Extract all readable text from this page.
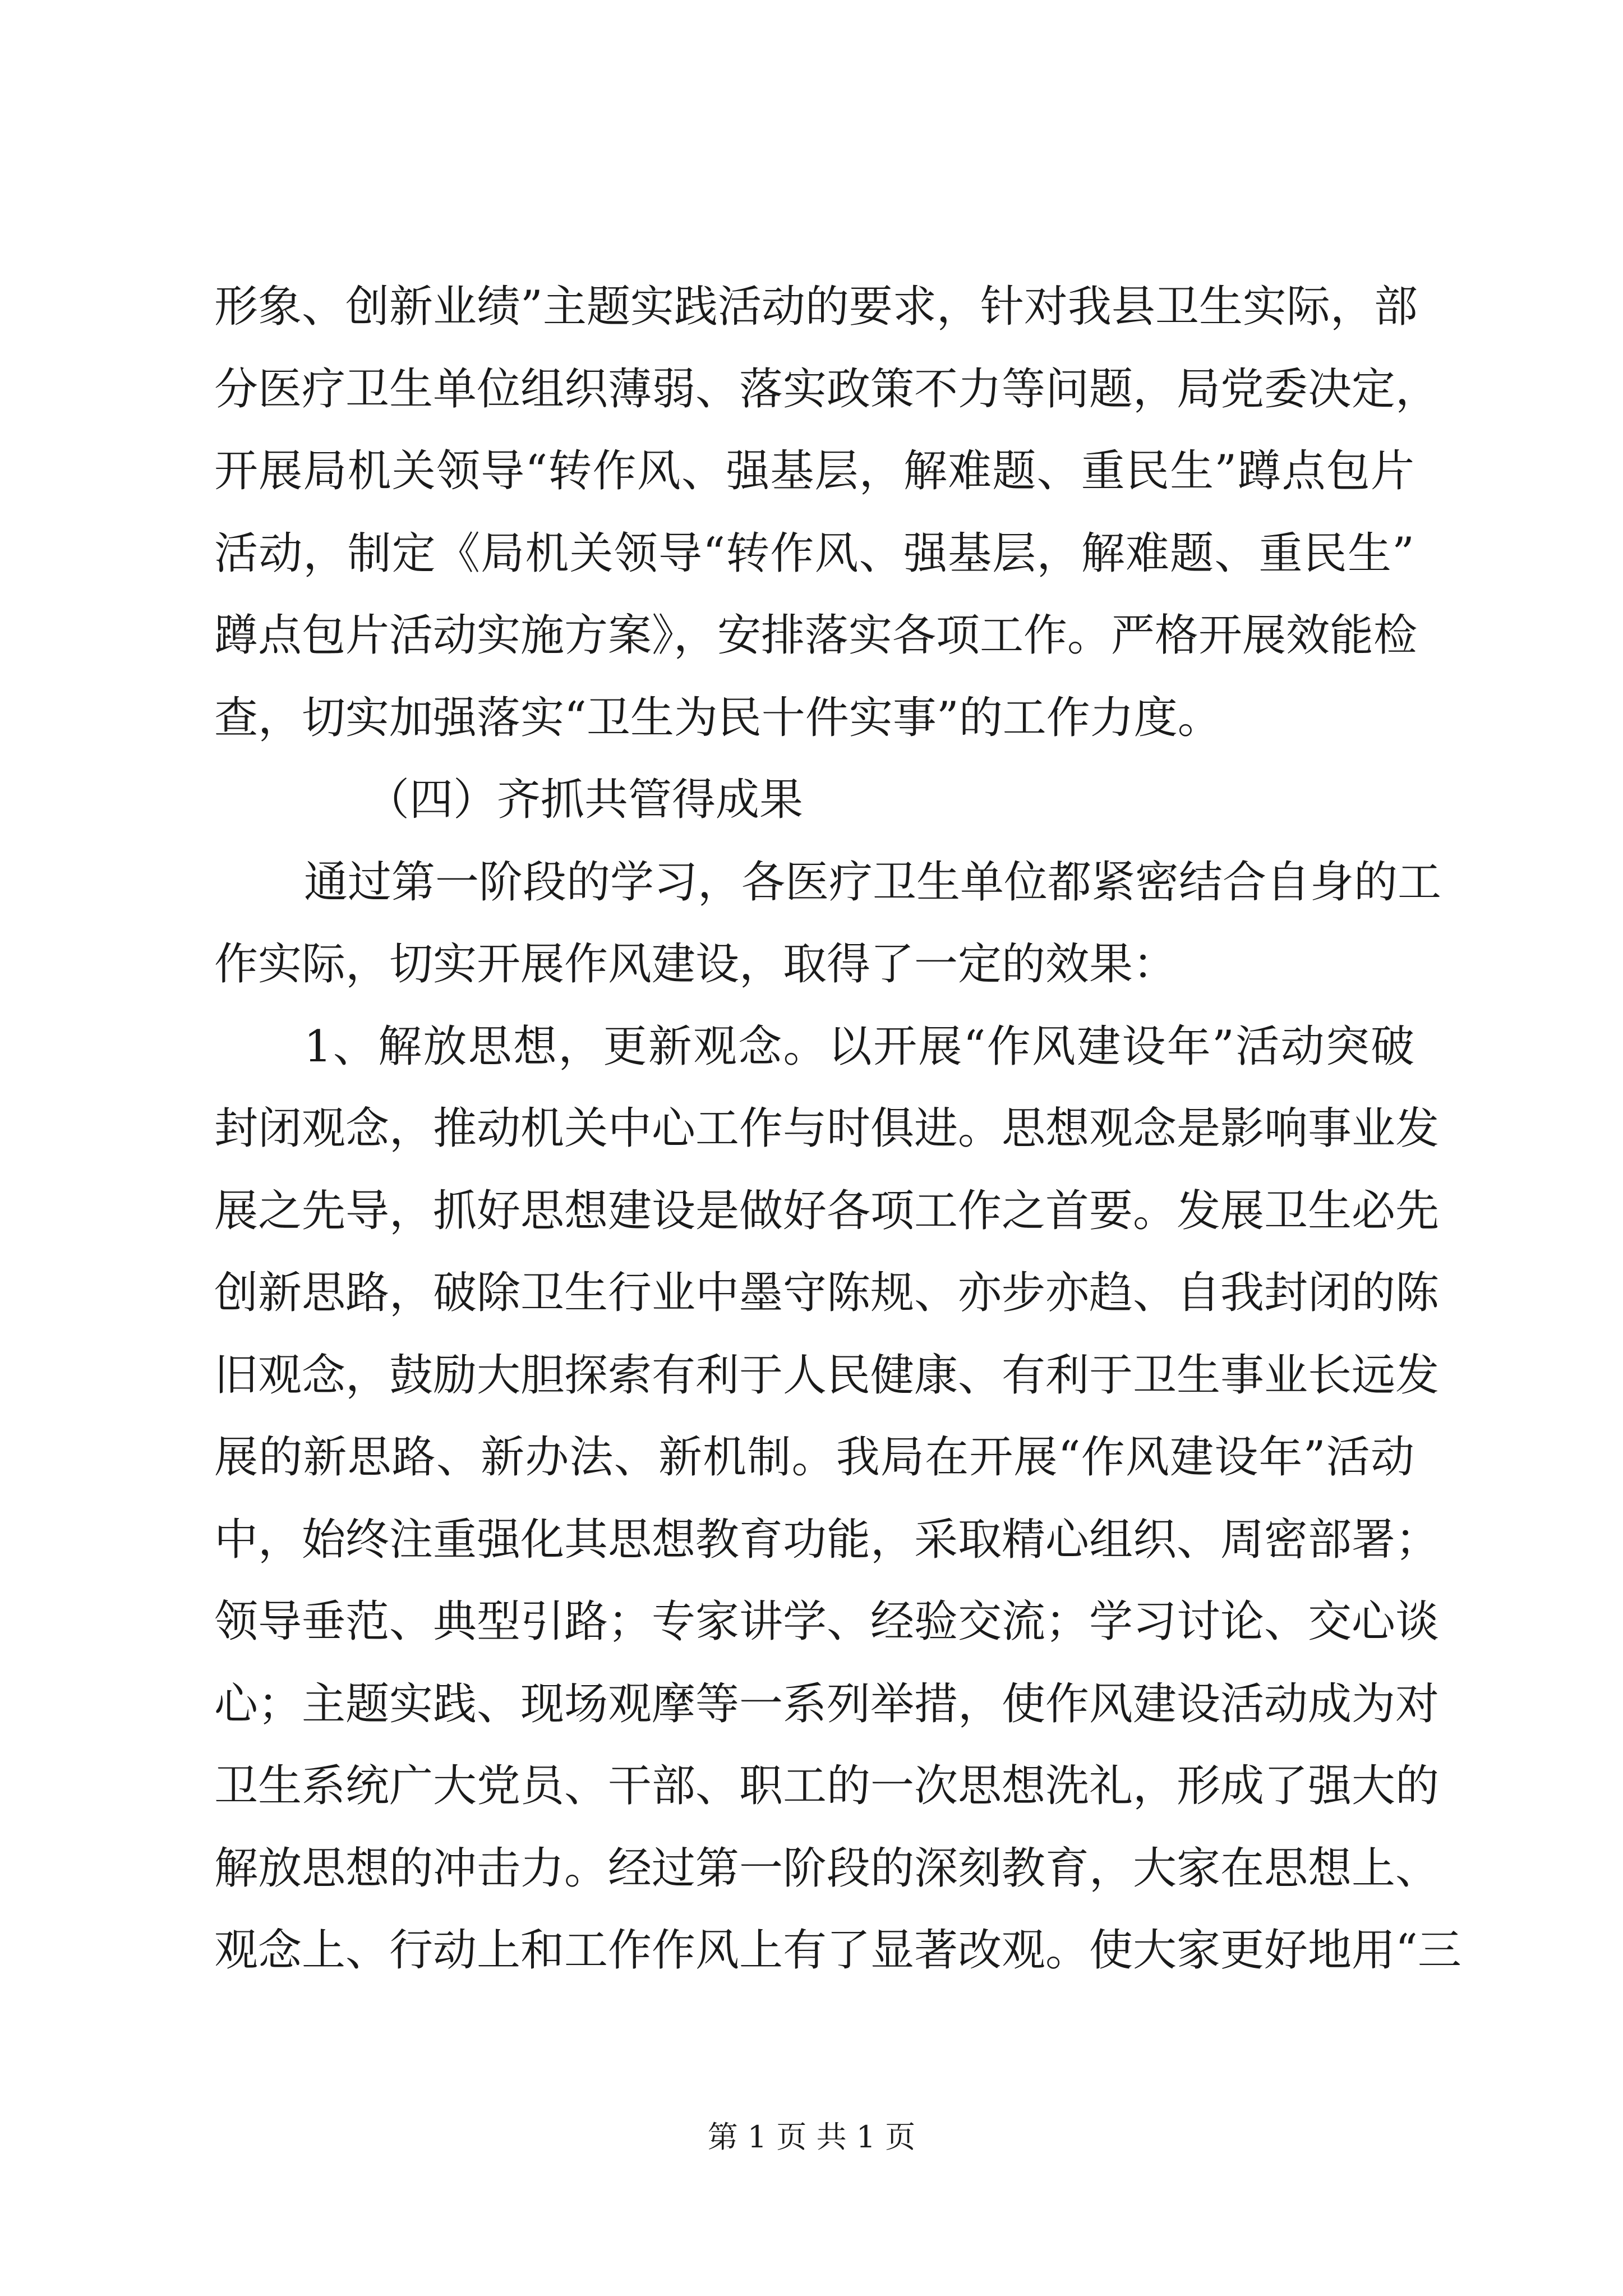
形象、创新业绩”主题实践活动的要求，针对我县卫生实际，部
分医疗卫生单位组织薄弱、落实政策不力等问题，局党委决定，
开展局机关领导“转作风、强基层，解难题、重民生”蹲点包片
活动，制定《局机关领导“转作风、强基层，解难题、重民生”
蹲点包片活动实施方案》，安排落实各项工作。严格开展效能检
查，切实加强落实“卫生为民十件实事”的工作力度。
（四）齐抓共管得成果
通过第一阶段的学习，各医疗卫生单位都紧密结合自身的工
作实际，切实开展作风建设，取得了一定的效果：
1、解放思想，更新观念。以开展“作风建设年”活动突破
封闭观念，推动机关中心工作与时俱进。思想观念是影响事业发
展之先导，抓好思想建设是做好各项工作之首要。发展卫生必先
创新思路，破除卫生行业中墨守陈规、亦步亦趋、自我封闭的陈
旧观念，鼓励大胆探索有利于人民健康、有利于卫生事业长远发
展的新思路、新办法、新机制。我局在开展“作风建设年”活动
中，始终注重强化其思想教育功能，采取精心组织、周密部署；
领导垂范、典型引路；专家讲学、经验交流；学习讨论、交心谈
心；主题实践、现场观摩等一系列举措，使作风建设活动成为对
卫生系统广大党员、干部、职工的一次思想洗礼，形成了强大的
解放思想的冲击力。经过第一阶段的深刻教育，大家在思想上、
观念上、行动上和工作作风上有了显著改观。使大家更好地用“三
第 1 页 共 1 页
